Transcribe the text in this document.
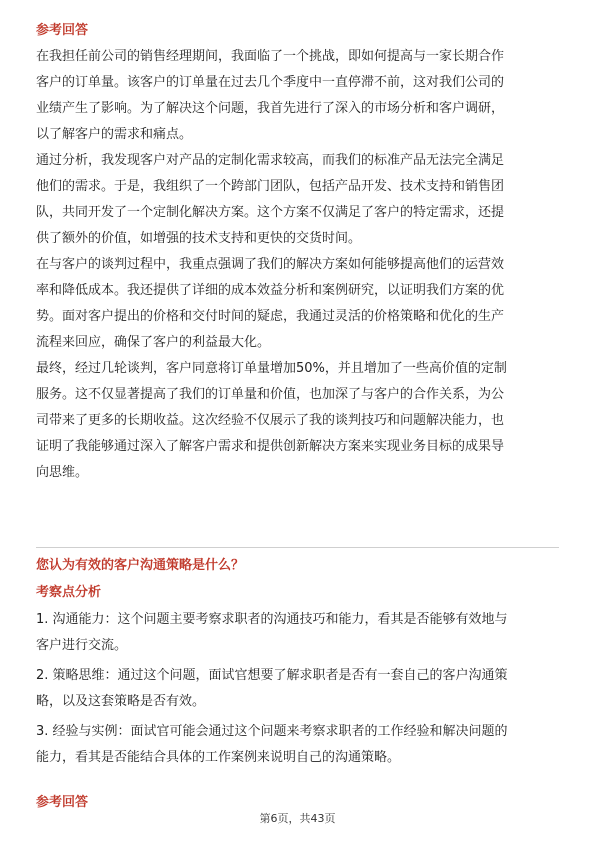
参考回答
在我担任前公司的销售经理期间，我面临了一个挑战，即如何提高与一家长期合作
客户的订单量。该客户的订单量在过去几个季度中一直停滞不前，这对我们公司的
业绩产生了影响。为了解决这个问题，我首先进行了深入的市场分析和客户调研，
以了解客户的需求和痛点。
通过分析，我发现客户对产品的定制化需求较高，而我们的标准产品无法完全满足
他们的需求。于是，我组织了一个跨部门团队，包括产品开发、技术支持和销售团
队，共同开发了一个定制化解决方案。这个方案不仅满足了客户的特定需求，还提
供了额外的价值，如增强的技术支持和更快的交货时间。
在与客户的谈判过程中，我重点强调了我们的解决方案如何能够提高他们的运营效
率和降低成本。我还提供了详细的成本效益分析和案例研究，以证明我们方案的优
势。面对客户提出的价格和交付时间的疑虑，我通过灵活的价格策略和优化的生产
流程来回应，确保了客户的利益最大化。
最终，经过几轮谈判，客户同意将订单量增加50%，并且增加了一些高价值的定制
服务。这不仅显著提高了我们的订单量和价值，也加深了与客户的合作关系，为公
司带来了更多的长期收益。这次经验不仅展示了我的谈判技巧和问题解决能力，也
证明了我能够通过深入了解客户需求和提供创新解决方案来实现业务目标的成果导
向思维。
您认为有效的客户沟通策略是什么？
考察点分析
1. 沟通能力：这个问题主要考察求职者的沟通技巧和能力，看其是否能够有效地与
客户进行交流。
2. 策略思维：通过这个问题，面试官想要了解求职者是否有一套自己的客户沟通策
略，以及这套策略是否有效。
3. 经验与实例：面试官可能会通过这个问题来考察求职者的工作经验和解决问题的
能力，看其是否能结合具体的工作案例来说明自己的沟通策略。
参考回答
第6页，共43页
